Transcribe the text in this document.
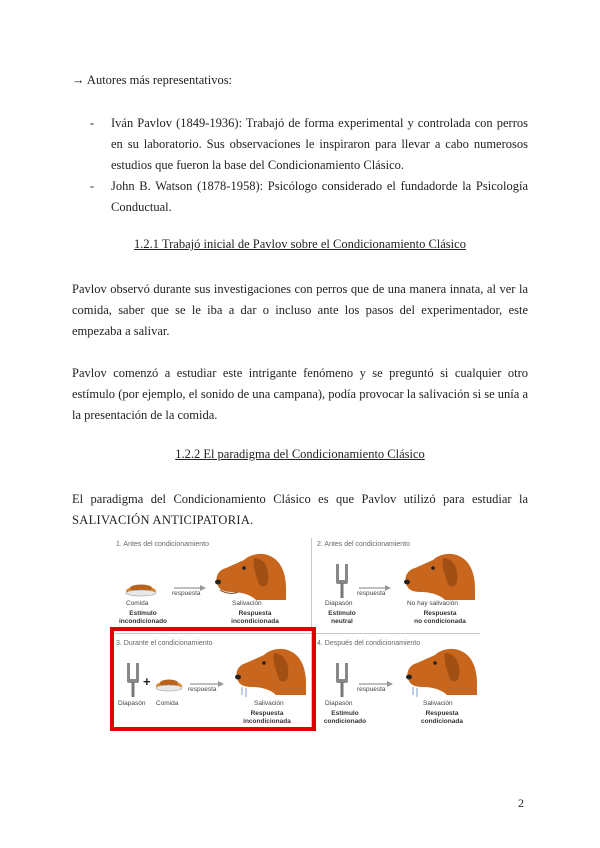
→ Autores más representativos:
- Iván Pavlov (1849-1936): Trabajó de forma experimental y controlada con perros en su laboratorio. Sus observaciones le inspiraron para llevar a cabo numerosos estudios que fueron la base del Condicionamiento Clásico.
- John B. Watson (1878-1958): Psicólogo considerado el fundadorde la Psicología Conductual.
1.2.1 Trabajó inicial de Pavlov sobre el Condicionamiento Clásico
Pavlov observó durante sus investigaciones con perros que de una manera innata, al ver la comida, saber que se le iba a dar o incluso ante los pasos del experimentador, este empezaba a salivar.
Pavlov comenzó a estudiar este intrigante fenómeno y se preguntó si cualquier otro estímulo (por ejemplo, el sonido de una campana), podía provocar la salivación si se unía a la presentación de la comida.
1.2.2 El paradigma del Condicionamiento Clásico
El paradigma del Condicionamiento Clásico es que Pavlov utilizó para estudiar la
SALIVACIÓN ANTICIPATORIA.
1. Antes del condicionamiento
respuesta
Comida	Salivación
Estímulo
incondicionado
Respuesta
incondicionada
2. Antes del condicionamiento
respuesta
Diapasón	No hay salivación
Estímulo
neutral
Respuesta
no condicionada
3. Durante el condicionamiento
+
respuesta
Diapasón Comida	Salivación
Respuesta
incondicionada
4. Después del condicionamiento
respuesta
Diapasón	Salivación
Estímulo
condicionado
Respuesta
condicionada
2
